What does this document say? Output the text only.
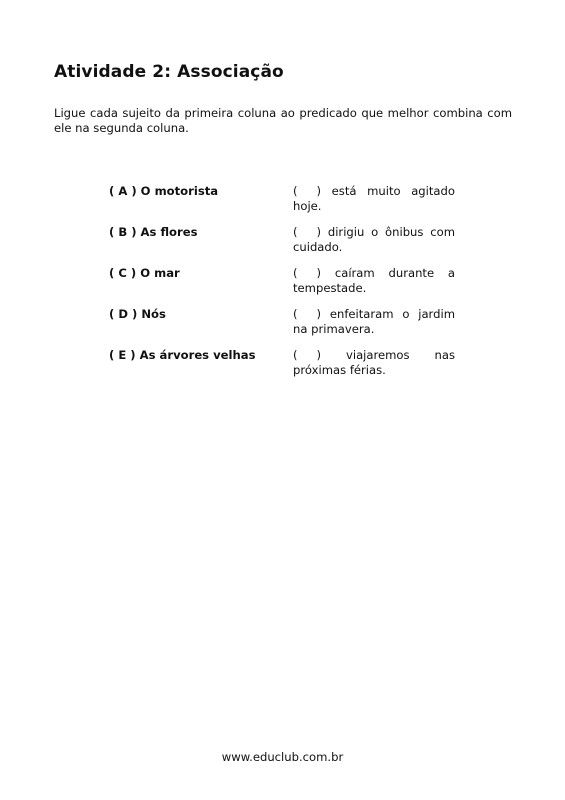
Atividade 2: Associação
Ligue cada sujeito da primeira coluna ao predicado que melhor combina com ele na segunda coluna.
( A ) O motorista	( ) está muito agitado hoje.
( B ) As flores	( ) dirigiu o ônibus com cuidado.
( C ) O mar	( ) caíram durante a tempestade.
( D ) Nós	( ) enfeitaram o jardim na primavera.
( E ) As árvores velhas	( ) viajaremos nas próximas férias.
www.educlub.com.br
